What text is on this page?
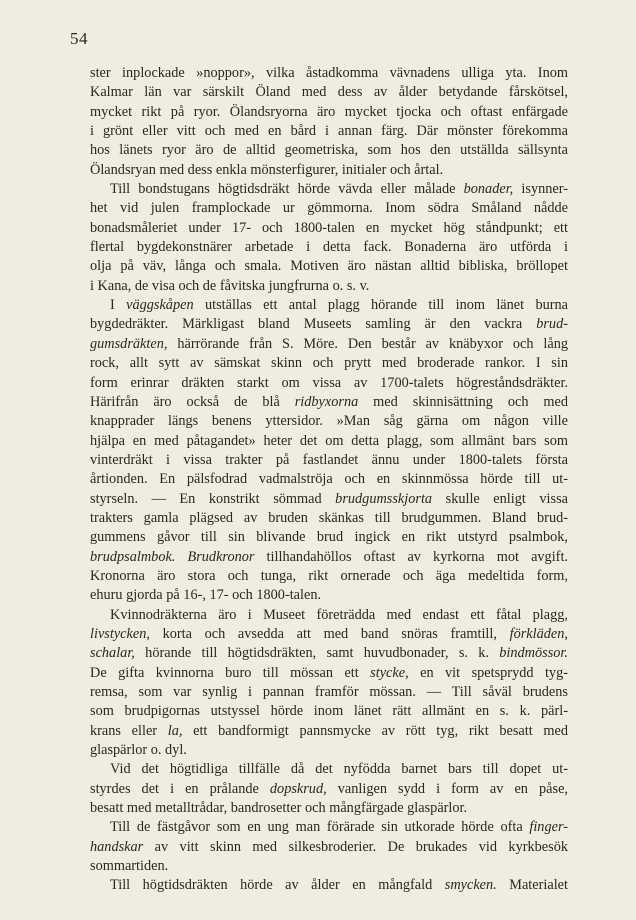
54
ster inplockade »noppor», vilka åstadkomma vävnadens ulliga yta. Inom
Kalmar län var särskilt Öland med dess av ålder betydande fårskötsel,
mycket rikt på ryor. Ölandsryorna äro mycket tjocka och oftast enfärgade
i grönt eller vitt och med en bård i annan färg. Där mönster förekomma
hos länets ryor äro de alltid geometriska, som hos den utställda sällsynta
Ölandsryan med dess enkla mönsterfigurer, initialer och årtal.
Till bondstugans högtidsdräkt hörde vävda eller målade bonader, isynner-
het vid julen framplockade ur gömmorna. Inom södra Småland nådde
bonadsmåleriet under 17- och 1800-talen en mycket hög ståndpunkt; ett
flertal bygdekonstnärer arbetade i detta fack. Bonaderna äro utförda i
olja på väv, långa och smala. Motiven äro nästan alltid bibliska, bröllopet
i Kana, de visa och de fåvitska jungfrurna o. s. v.
I väggskåpen utställas ett antal plagg hörande till inom länet burna
bygdedräkter. Märkligast bland Museets samling är den vackra brud-
gumsdräkten, härrörande från S. Möre. Den består av knäbyxor och lång
rock, allt sytt av sämskat skinn och prytt med broderade rankor. I sin
form erinrar dräkten starkt om vissa av 1700-talets högreståndsdräkter.
Härifrån äro också de blå ridbyxorna med skinnisättning och med
knapprader längs benens yttersidor. »Man såg gärna om någon ville
hjälpa en med påtagandet» heter det om detta plagg, som allmänt bars som
vinterdräkt i vissa trakter på fastlandet ännu under 1800-talets första
årtionden. En pälsfodrad vadmalströja och en skinnmössa hörde till ut-
styrseln. — En konstrikt sömmad brudgumsskjorta skulle enligt vissa
trakters gamla plägsed av bruden skänkas till brudgummen. Bland brud-
gummens gåvor till sin blivande brud ingick en rikt utstyrd psalmbok,
brudpsalmbok. Brudkronor tillhandahöllos oftast av kyrkorna mot avgift.
Kronorna äro stora och tunga, rikt ornerade och äga medeltida form,
ehuru gjorda på 16-, 17- och 1800-talen.
Kvinnodräkterna äro i Museet företrädda med endast ett fåtal plagg,
livstycken, korta och avsedda att med band snöras framtill, förkläden,
schalar, hörande till högtidsdräkten, samt huvudbonader, s. k. bindmössor.
De gifta kvinnorna buro till mössan ett stycke, en vit spetsprydd tyg-
remsa, som var synlig i pannan framför mössan. — Till såväl brudens
som brudpigornas utstyssel hörde inom länet rätt allmänt en s. k. pärl-
krans eller la, ett bandformigt pannsmycke av rött tyg, rikt besatt med
glaspärlor o. dyl.
Vid det högtidliga tillfälle då det nyfödda barnet bars till dopet ut-
styrdes det i en prålande dopskrud, vanligen sydd i form av en påse,
besatt med metalltrådar, bandrosetter och mångfärgade glaspärlor.
Till de fästgåvor som en ung man förärade sin utkorade hörde ofta finger-
handskar av vitt skinn med silkesbroderier. De brukades vid kyrkbesök
sommartiden.
Till högtidsdräkten hörde av ålder en mångfald smycken. Materialet
